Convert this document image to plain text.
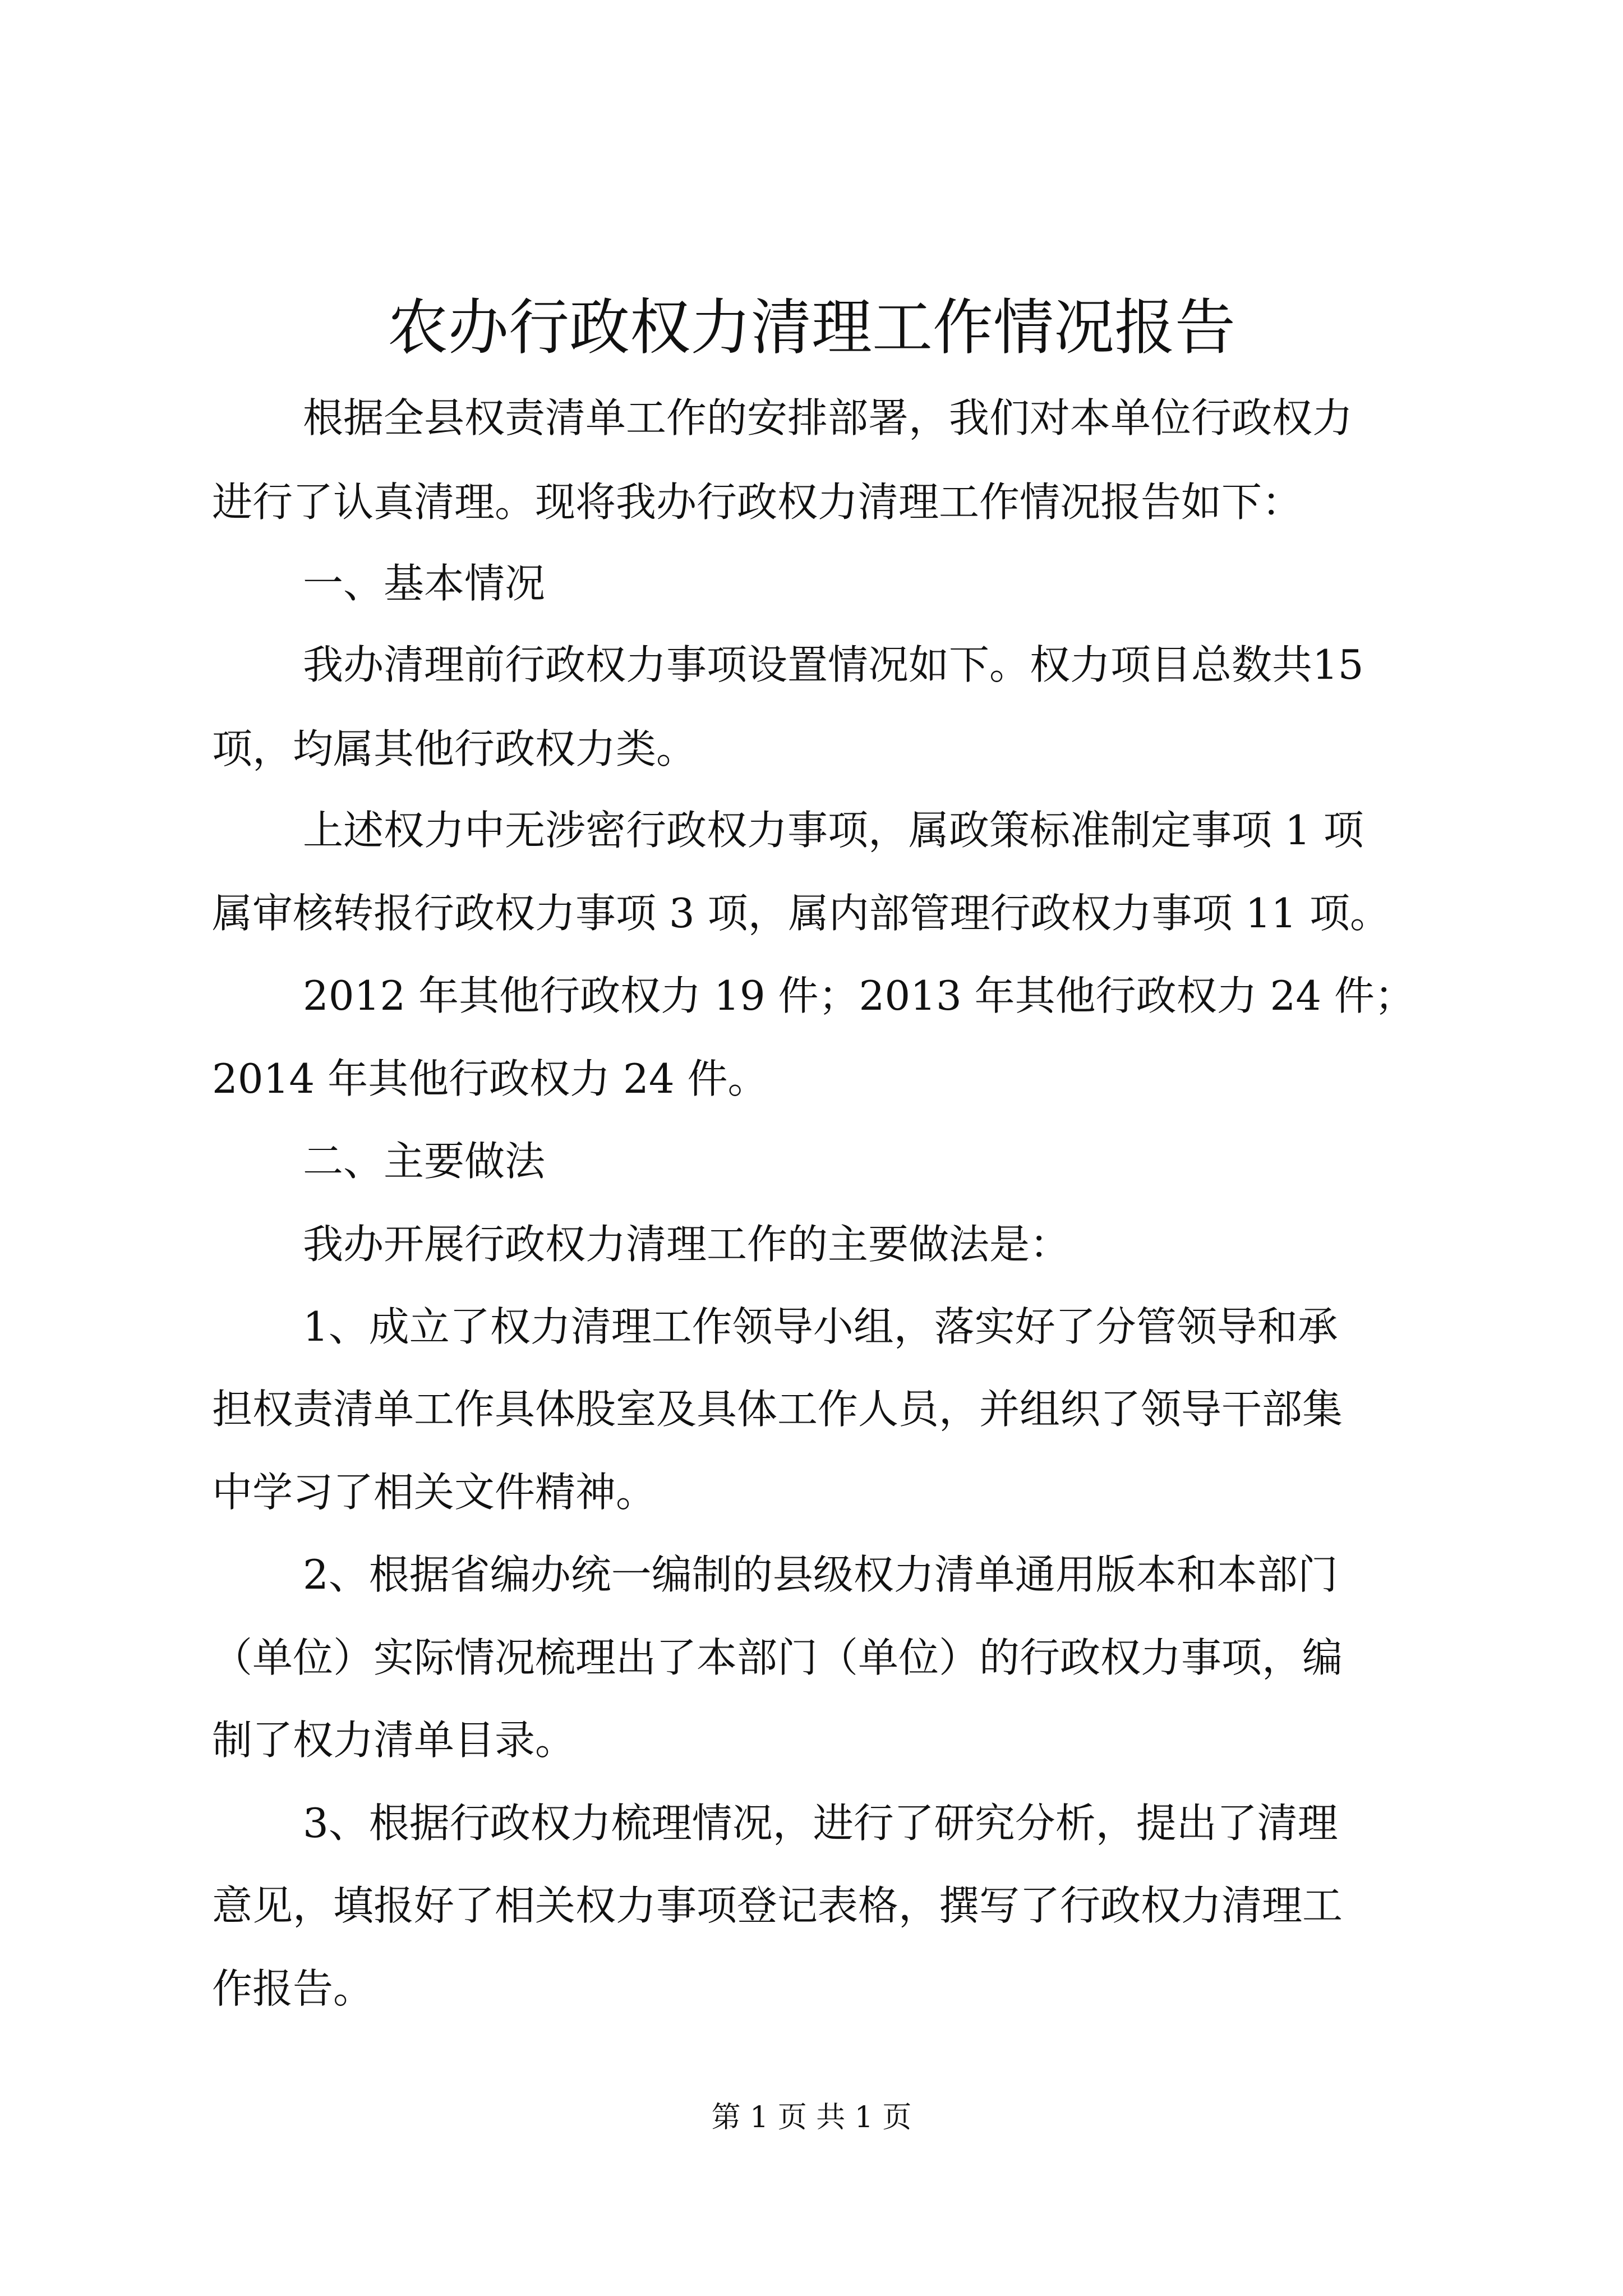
农办行政权力清理工作情况报告

根据全县权责清单工作的安排部署，我们对本单位行政权力

进行了认真清理。现将我办行政权力清理工作情况报告如下：

一、基本情况

我办清理前行政权力事项设置情况如下。权力项目总数共15

项，均属其他行政权力类。

上述权力中无涉密行政权力事项，属政策标准制定事项 1 项

属审核转报行政权力事项 3 项，属内部管理行政权力事项 11 项。

2012 年其他行政权力 19 件；2013 年其他行政权力 24 件；

2014 年其他行政权力 24 件。

二、主要做法

我办开展行政权力清理工作的主要做法是：

1、成立了权力清理工作领导小组，落实好了分管领导和承

担权责清单工作具体股室及具体工作人员，并组织了领导干部集

中学习了相关文件精神。

2、根据省编办统一编制的县级权力清单通用版本和本部门

（单位）实际情况梳理出了本部门（单位）的行政权力事项，编

制了权力清单目录。

3、根据行政权力梳理情况，进行了研究分析，提出了清理

意见，填报好了相关权力事项登记表格，撰写了行政权力清理工

作报告。

第 1 页 共 1 页
